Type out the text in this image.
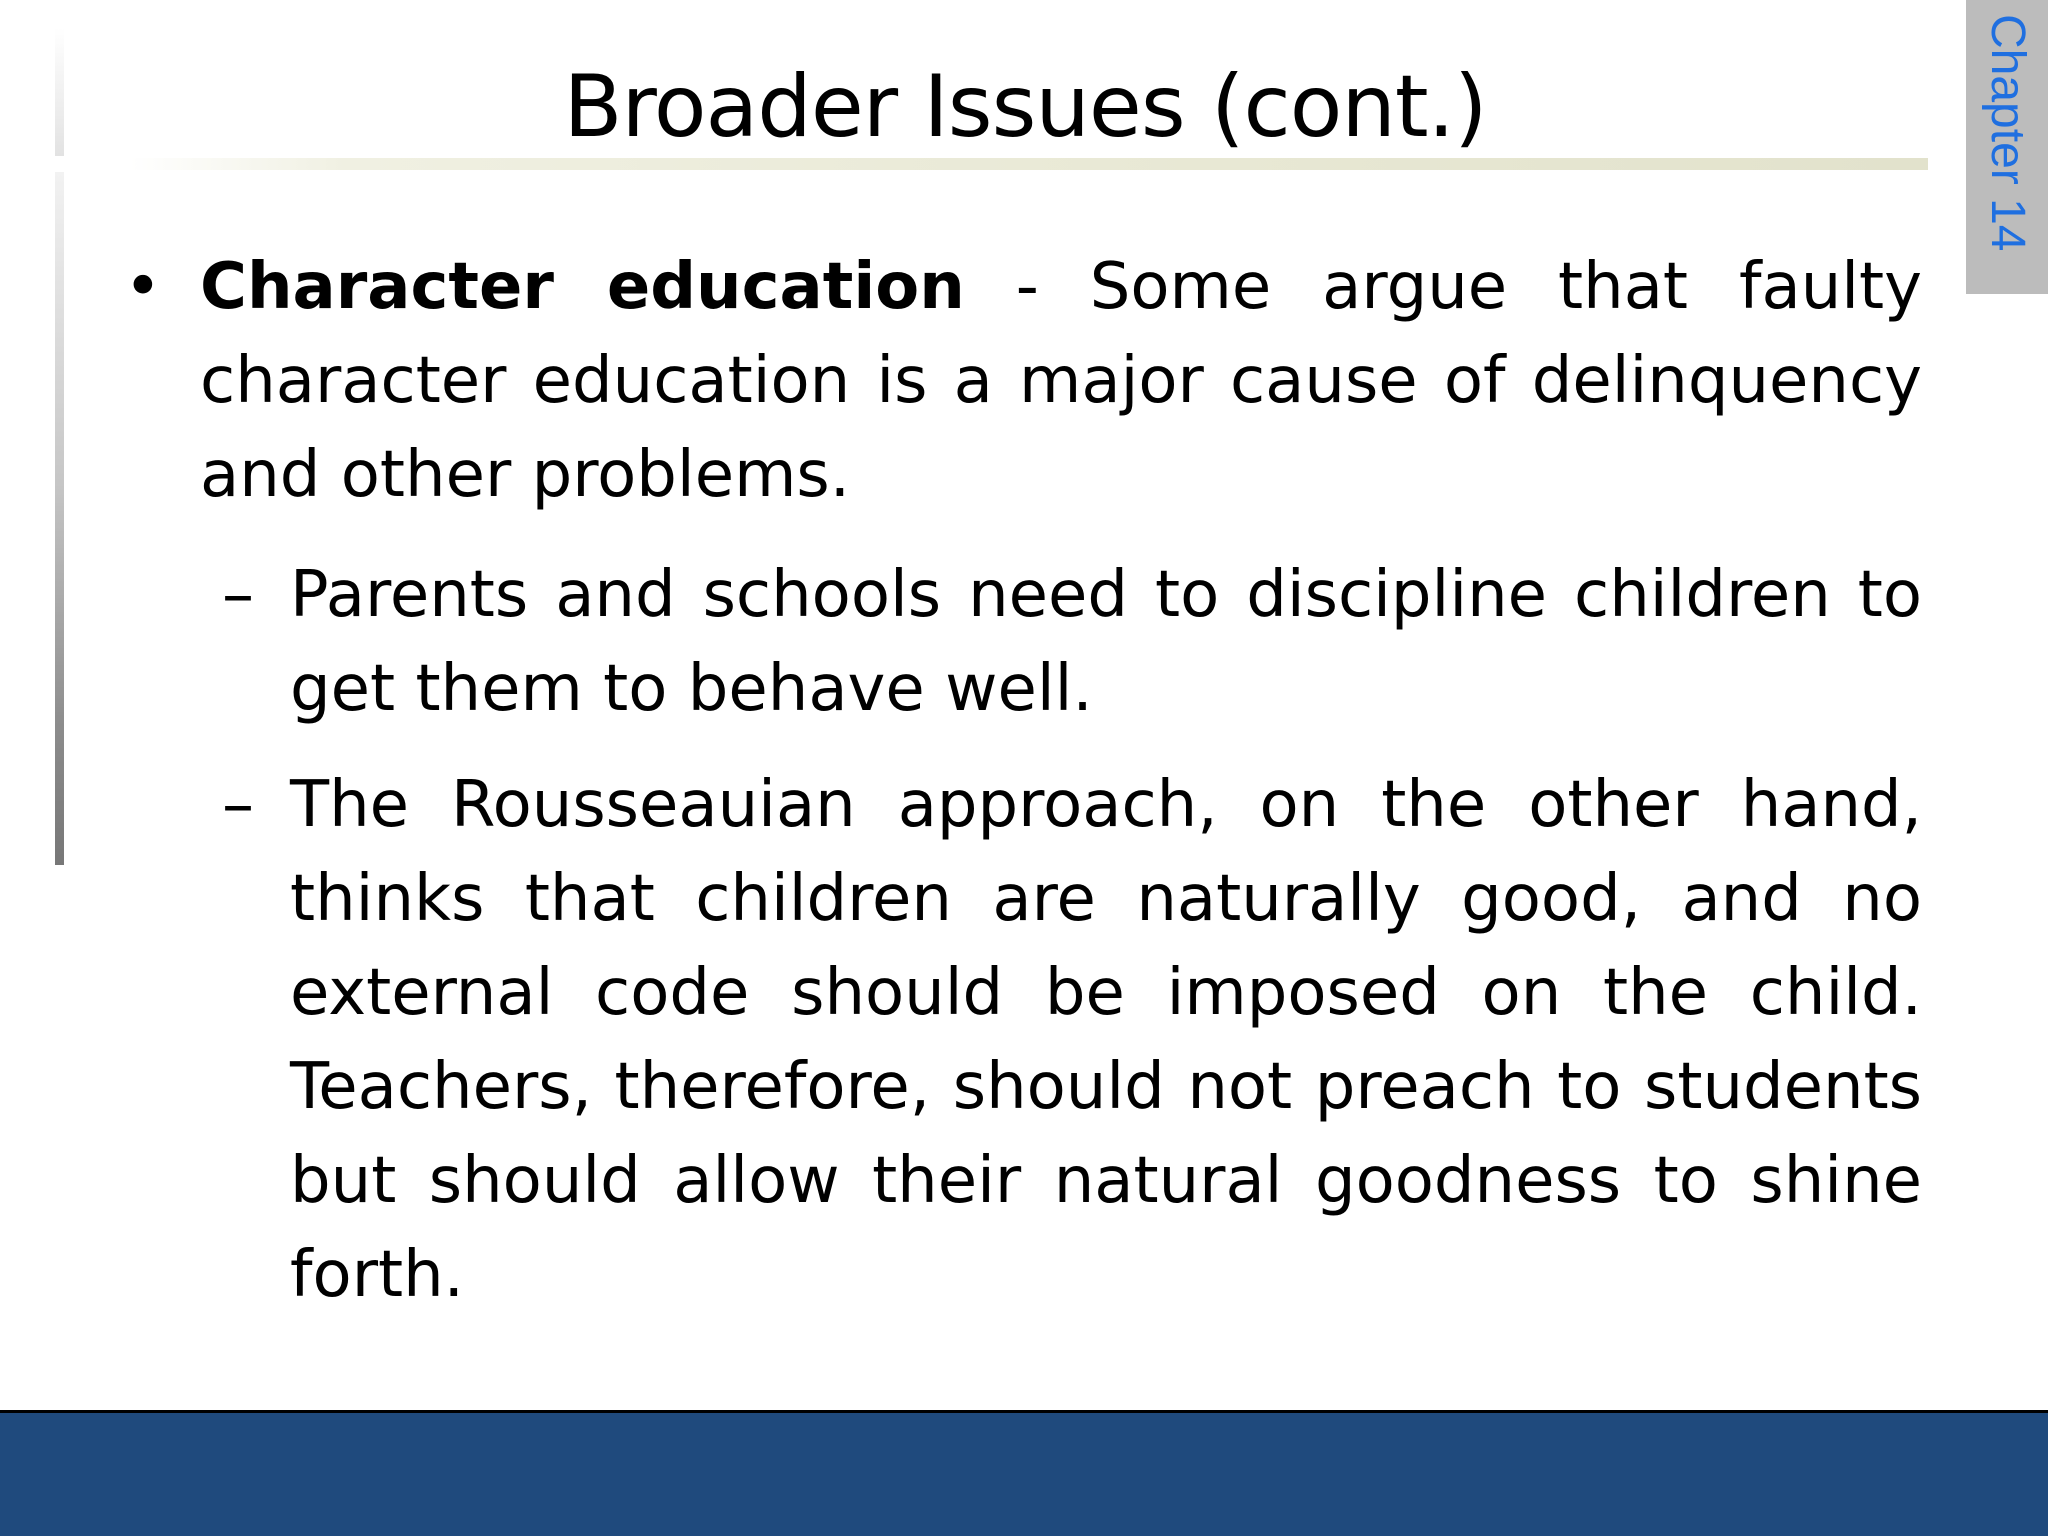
Broader Issues (cont.)	Chapter 14
• Character education - Some argue that faulty character education is a major cause of delinquency and other problems.
– Parents and schools need to discipline children to get them to behave well.
– The Rousseauian approach, on the other hand, thinks that children are naturally good, and no external code should be imposed on the child. Teachers, therefore, should not preach to students but should allow their natural goodness to shine forth.
